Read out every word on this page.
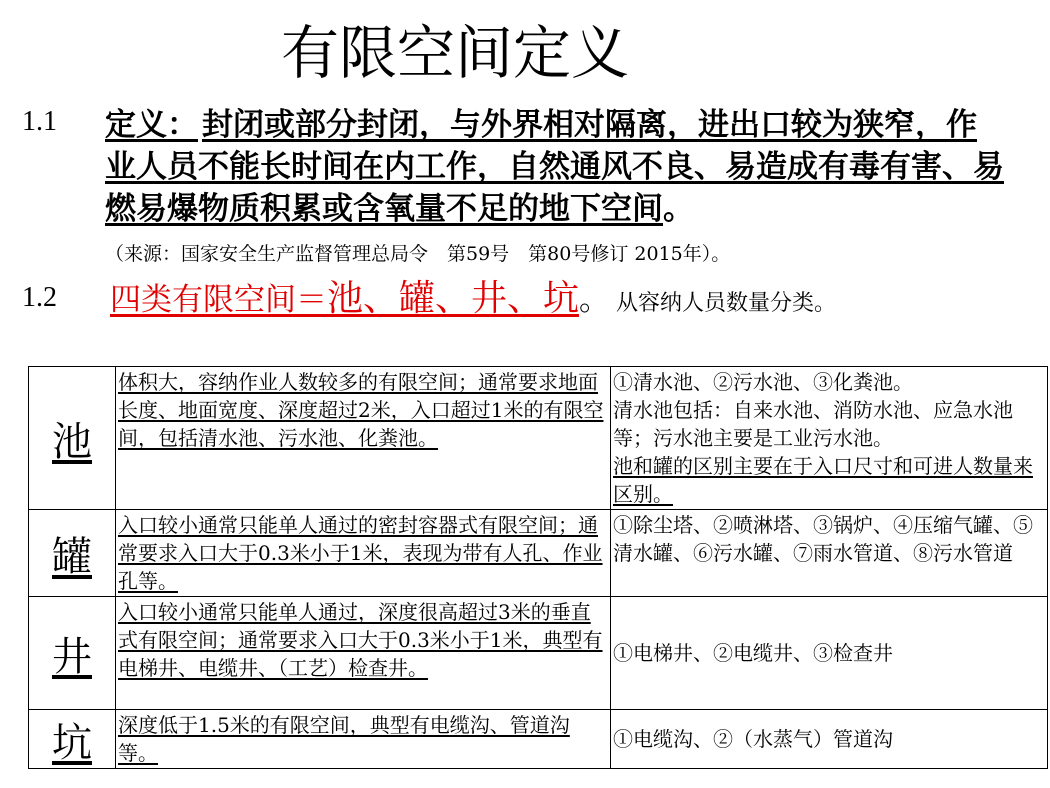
有限空间定义
1.1 定义： 封闭或部分封闭，与外界相对隔离，进出口较为狭窄，作业人员不能长时间在内工作，自然通风不良、易造成有毒有害、易燃易爆物质积累或含氧量不足的地下空间。
（来源：国家安全生产监督管理总局令　第59号　第80号修订 2015年）。
1.2 四类有限空间＝池、罐、井、坑。 从容纳人员数量分类。
池	体积大，容纳作业人数较多的有限空间；通常要求地面长度、地面宽度、深度超过2米，入口超过1米的有限空间，包括清水池、污水池、化粪池。	①清水池、②污水池、③化粪池。
清水池包括：自来水池、消防水池、应急水池等；污水池主要是工业污水池。
池和罐的区别主要在于入口尺寸和可进人数量来区别。

罐	入口较小通常只能单人通过的密封容器式有限空间；通常要求入口大于0.3米小于1米，表现为带有人孔、作业孔等。	①除尘塔、②喷淋塔、③锅炉、④压缩气罐、⑤清水罐、⑥污水罐、⑦雨水管道、⑧污水管道

井	入口较小通常只能单人通过，深度很高超过3米的垂直式有限空间；通常要求入口大于0.3米小于1米，典型有电梯井、电缆井、（工艺）检查井。	①电梯井、②电缆井、③检查井

坑	深度低于1.5米的有限空间，典型有电缆沟、管道沟等。	①电缆沟、②（水蒸气）管道沟
